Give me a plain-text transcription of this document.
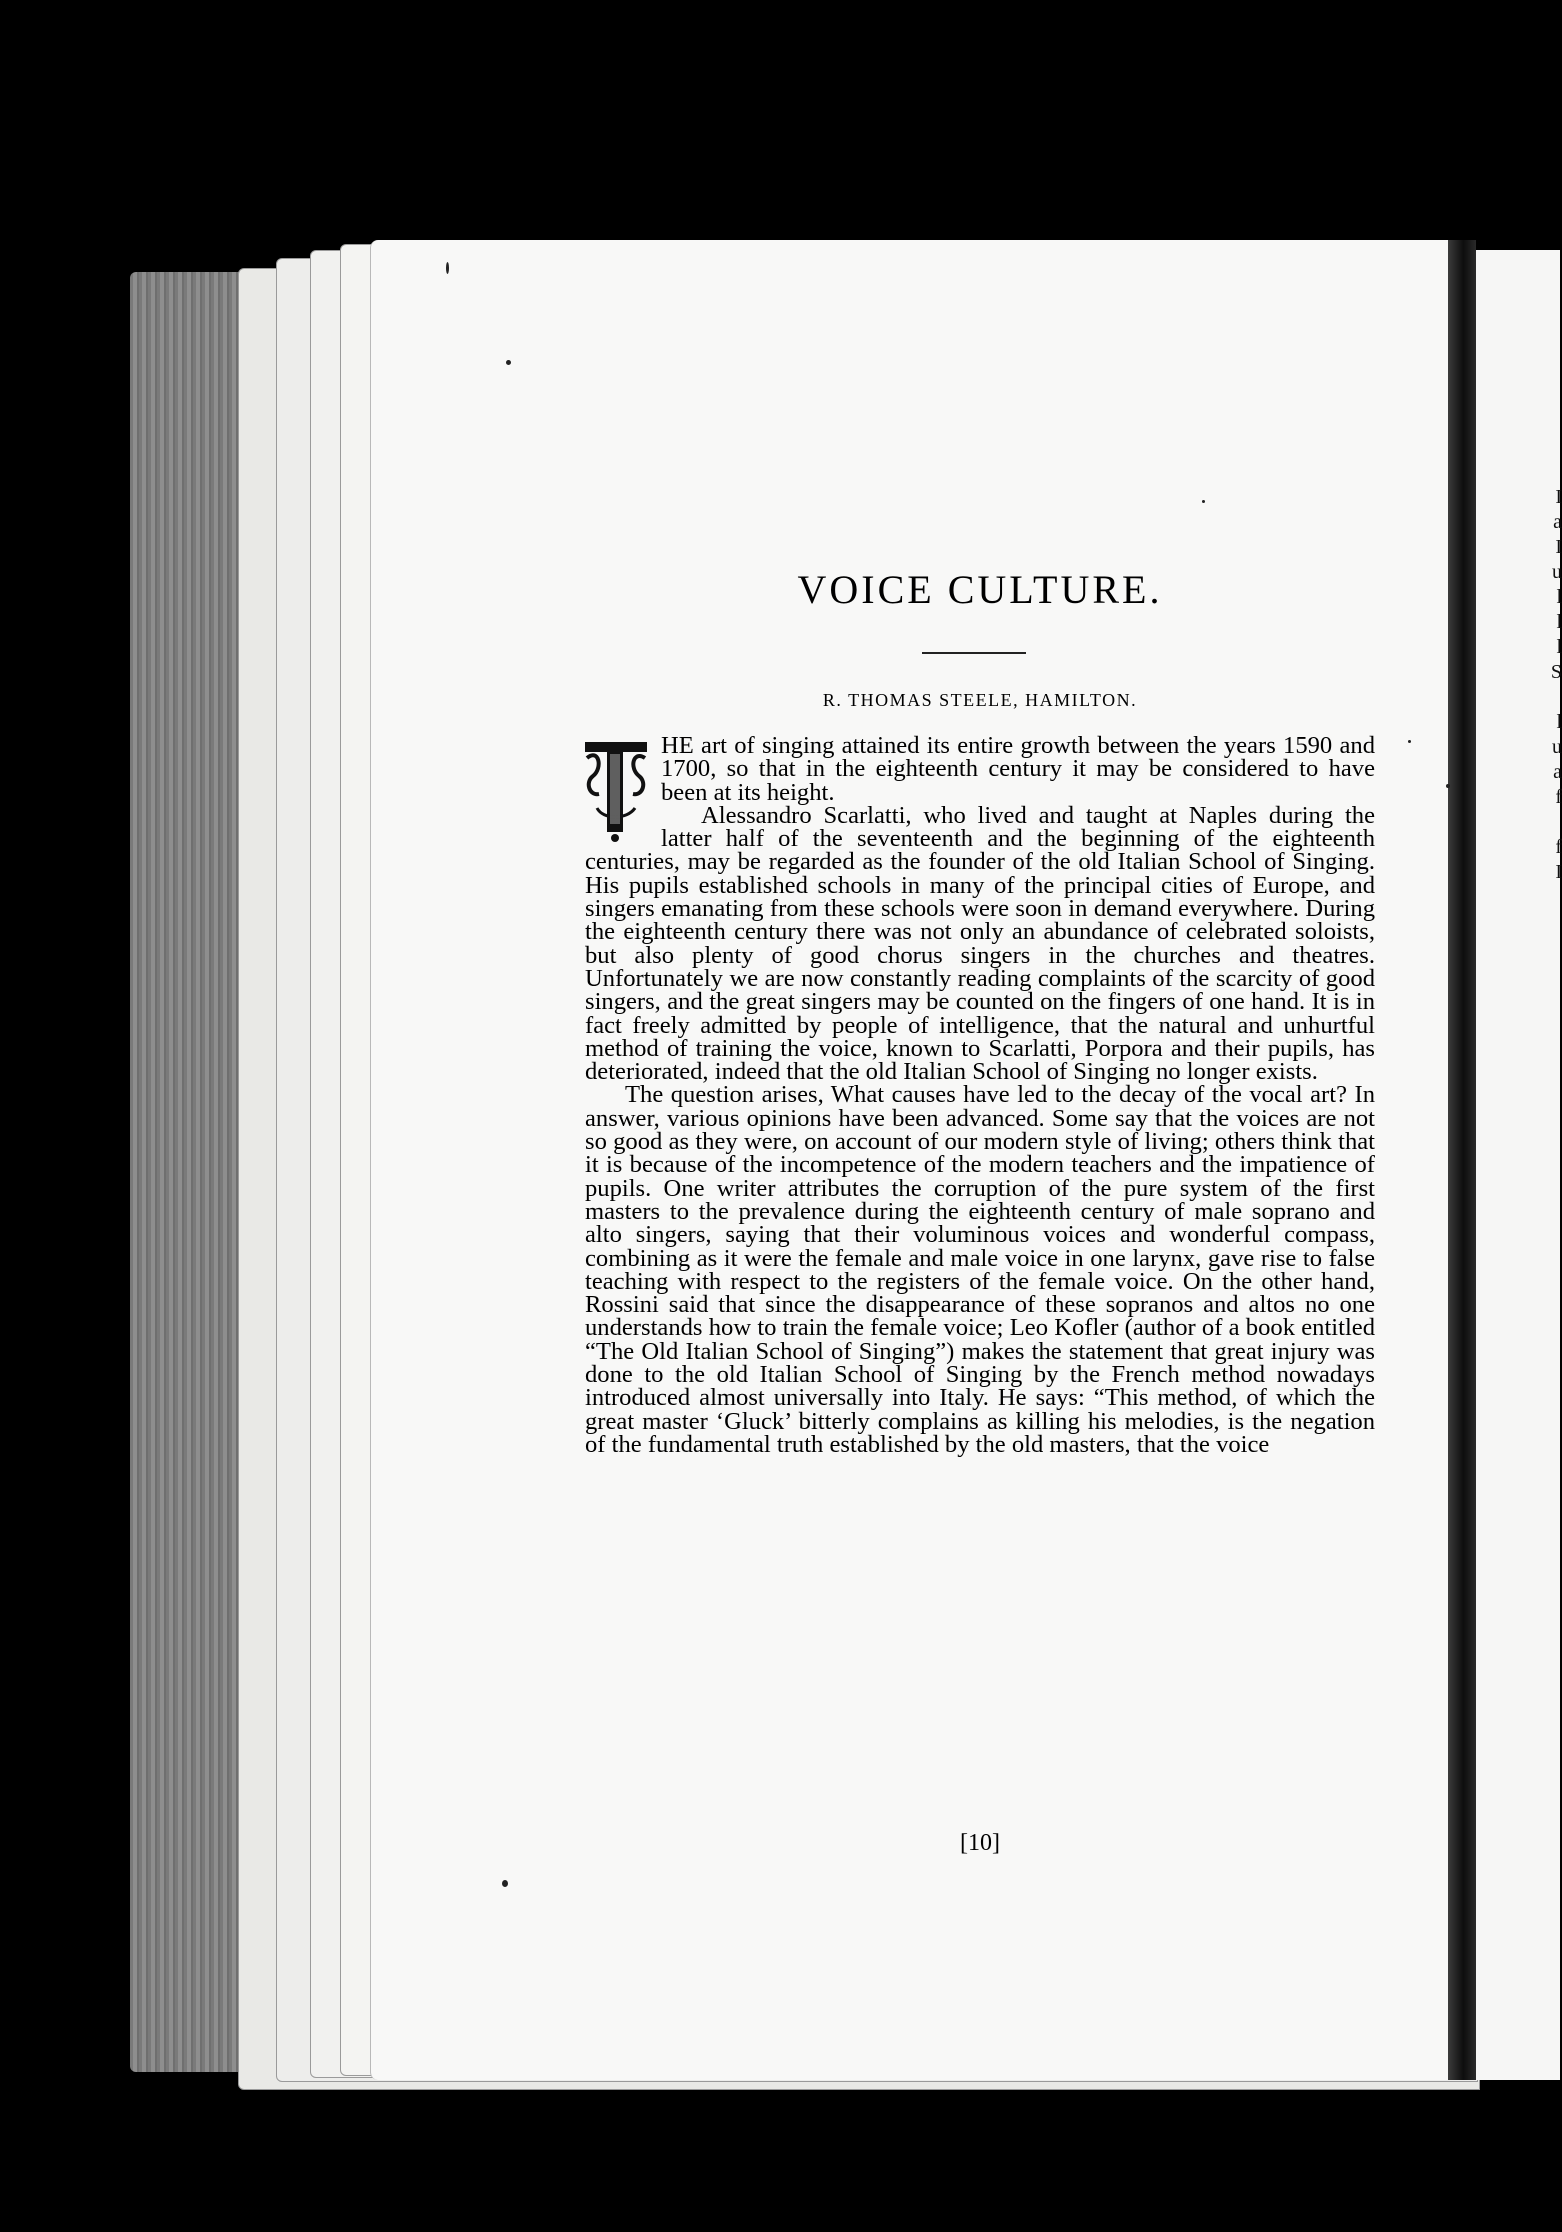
I
a
I
u
l
l
l
S

l
u
a
f

f
I
VOICE CULTURE.

R. THOMAS STEELE, HAMILTON.

HE art of singing attained its entire growth between the years 1590 and 1700, so that in the eighteenth century it may be considered to have been at its height.

Alessandro Scarlatti, who lived and taught at Naples during the latter half of the seventeenth and the beginning of the eighteenth centuries, may be regarded as the founder of the old Italian School of Singing. His pupils established schools in many of the principal cities of Europe, and singers emanating from these schools were soon in demand everywhere. During the eighteenth century there was not only an abundance of celebrated soloists, but also plenty of good chorus singers in the churches and theatres. Unfortunately we are now constantly reading complaints of the scarcity of good singers, and the great singers may be counted on the fingers of one hand. It is in fact freely admitted by people of intelligence, that the natural and unhurtful method of training the voice, known to Scarlatti, Porpora and their pupils, has deteriorated, indeed that the old Italian School of Singing no longer exists.

The question arises, What causes have led to the decay of the vocal art? In answer, various opinions have been advanced. Some say that the voices are not so good as they were, on account of our modern style of living; others think that it is because of the incompetence of the modern teachers and the impatience of pupils. One writer attributes the corruption of the pure system of the first masters to the prevalence during the eighteenth century of male soprano and alto singers, saying that their voluminous voices and wonderful compass, combining as it were the female and male voice in one larynx, gave rise to false teaching with respect to the registers of the female voice. On the other hand, Rossini said that since the disappearance of these sopranos and altos no one understands how to train the female voice; Leo Kofler (author of a book entitled “The Old Italian School of Singing”) makes the statement that great injury was done to the old Italian School of Singing by the French method nowadays introduced almost universally into Italy. He says: “This method, of which the great master ‘Gluck’ bitterly complains as killing his melodies, is the negation of the fundamental truth established by the old masters, that the voice

[10]
